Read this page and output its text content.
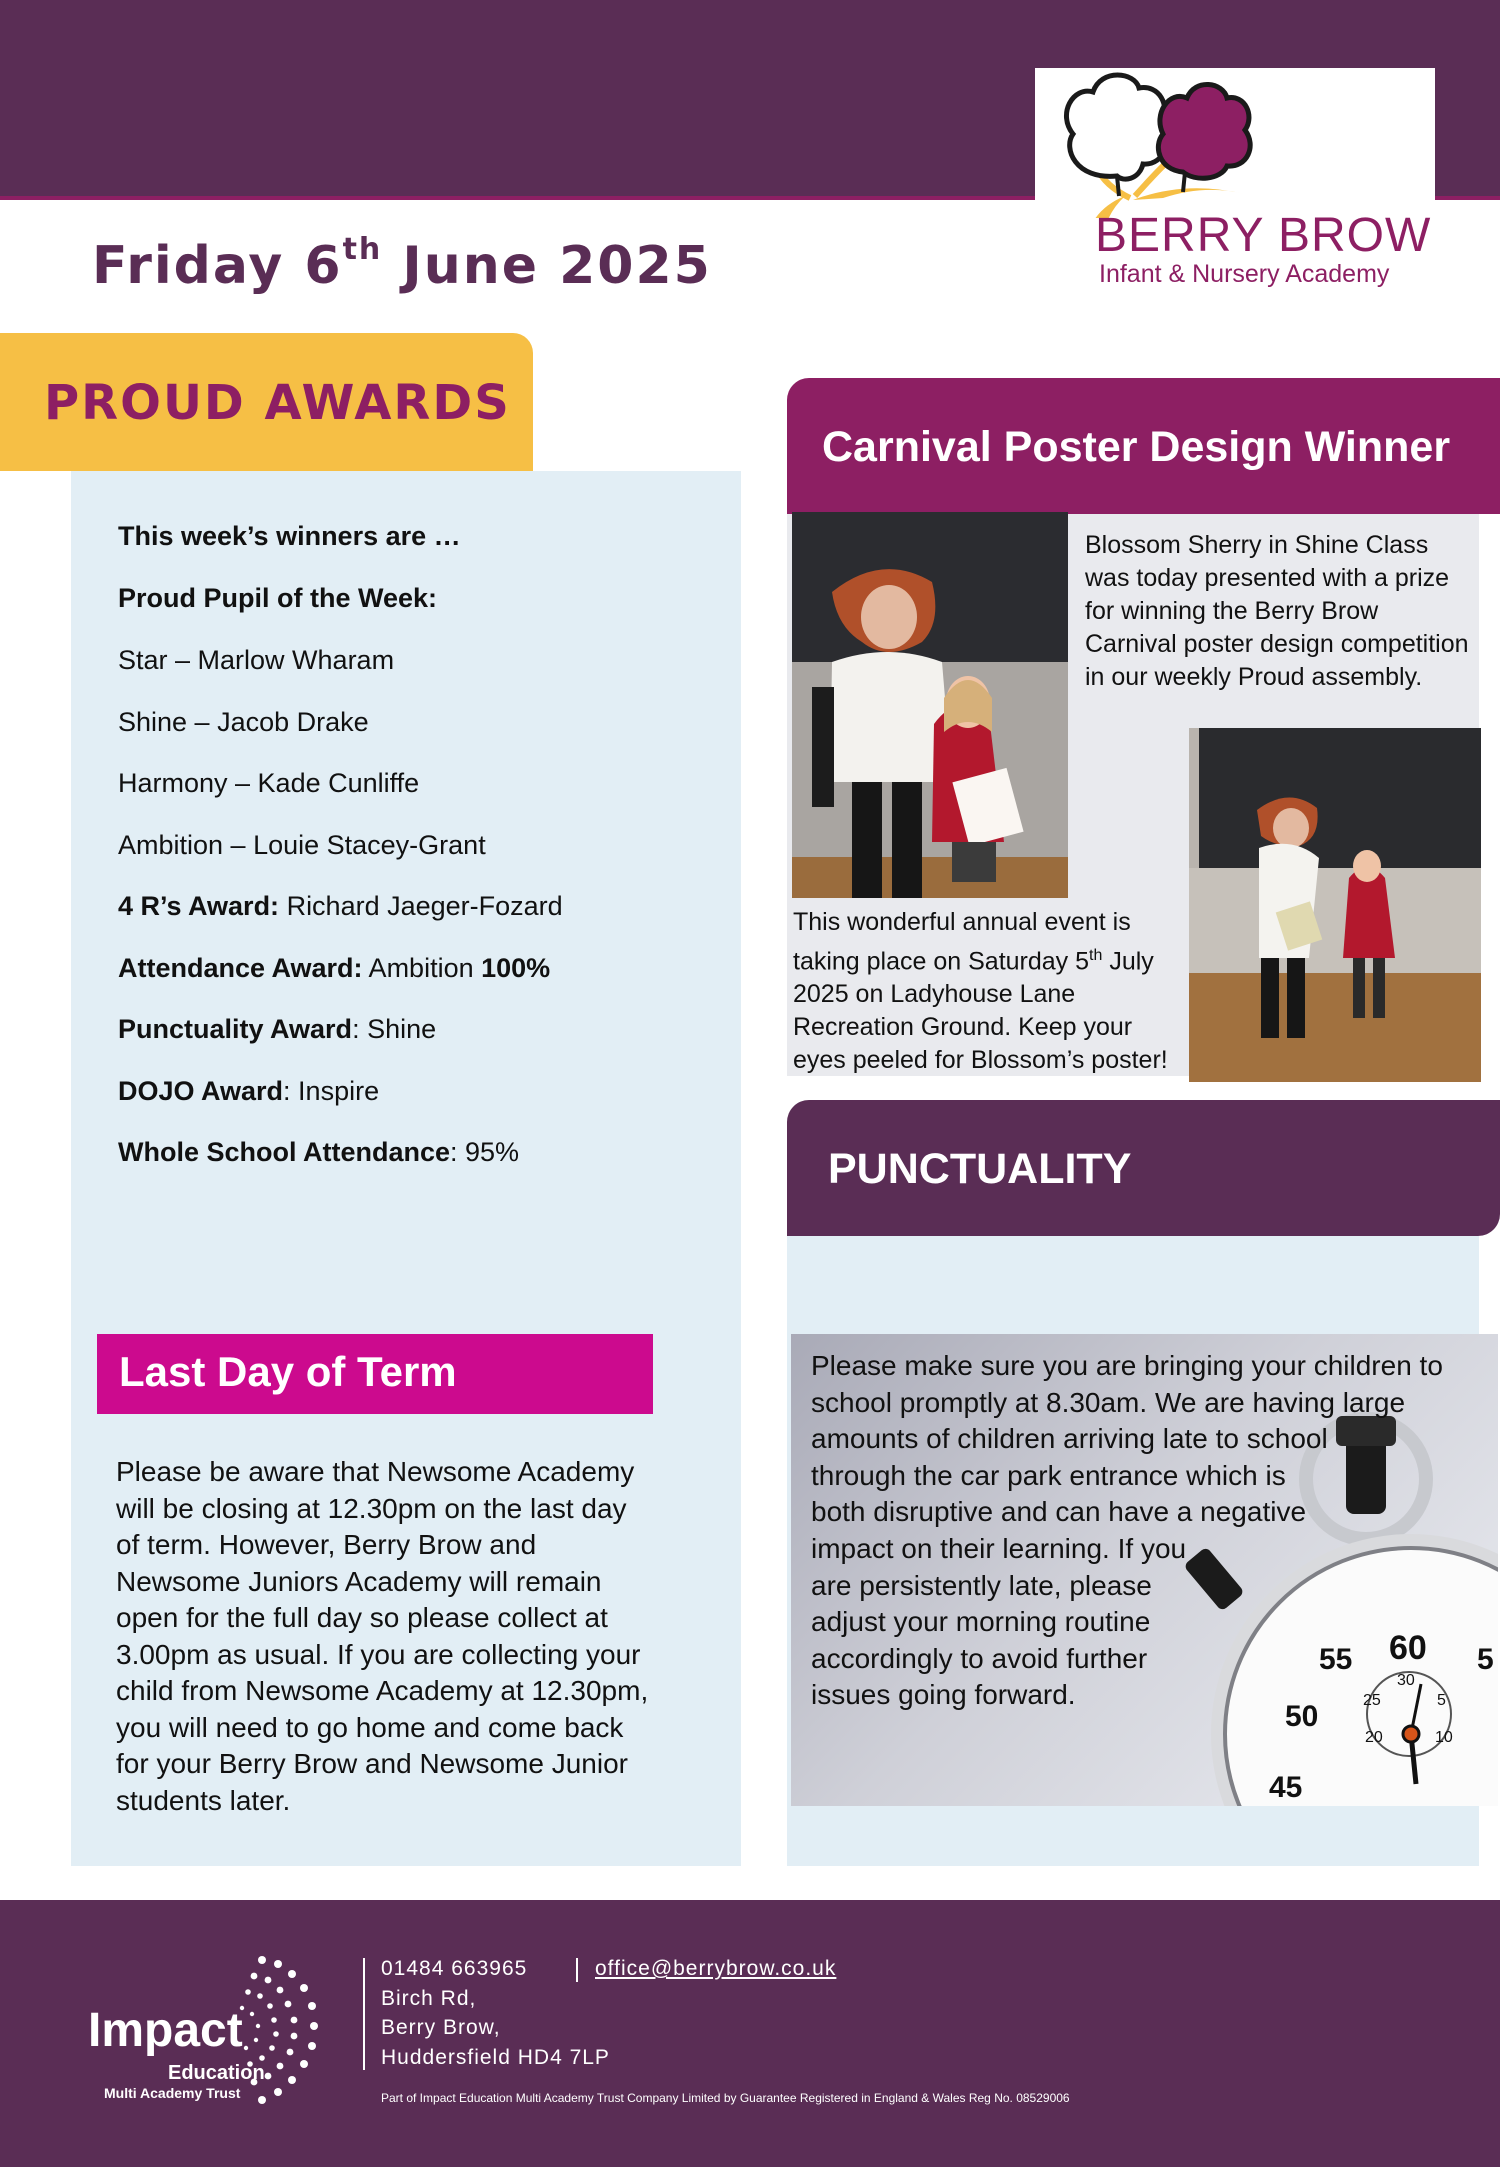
BERRY BROW
Infant & Nursery Academy
Friday 6th June 2025
PROUD AWARDS
This week’s winners are …
Proud Pupil of the Week:
Star – Marlow Wharam
Shine – Jacob Drake
Harmony – Kade Cunliffe
Ambition – Louie Stacey-Grant
4 R’s Award: Richard Jaeger-Fozard
Attendance Award: Ambition 100%
Punctuality Award: Shine
DOJO Award: Inspire
Whole School Attendance: 95%
Last Day of Term
Please be aware that Newsome Academy will be closing at 12.30pm on the last day of term. However, Berry Brow and Newsome Juniors Academy will remain open for the full day so please collect at 3.00pm as usual. If you are collecting your child from Newsome Academy at 12.30pm, you will need to go home and come back for your Berry Brow and Newsome Junior students later.
Carnival Poster Design Winner
Blossom Sherry in Shine Class was today presented with a prize for winning the Berry Brow Carnival poster design competition in our weekly Proud assembly.
This wonderful annual event is taking place on Saturday 5th July 2025 on Ladyhouse Lane Recreation Ground. Keep your eyes peeled for Blossom’s poster!
PUNCTUALITY
60
55	5
50
45
30
25	5
20	10
Please make sure you are bringing your children to
school promptly at 8.30am. We are having large
amounts of children arriving late to school
through the car park entrance which is
both disruptive and can have a negative
impact on their learning. If you
are persistently late, please
adjust your morning routine
accordingly to avoid further
issues going forward.
Impact
Education
Multi Academy Trust
01484 663965	office@berrybrow.co.uk
Birch Rd,
Berry Brow,
Huddersfield HD4 7LP
Part of Impact Education Multi Academy Trust Company Limited by Guarantee Registered in England & Wales Reg No. 08529006
